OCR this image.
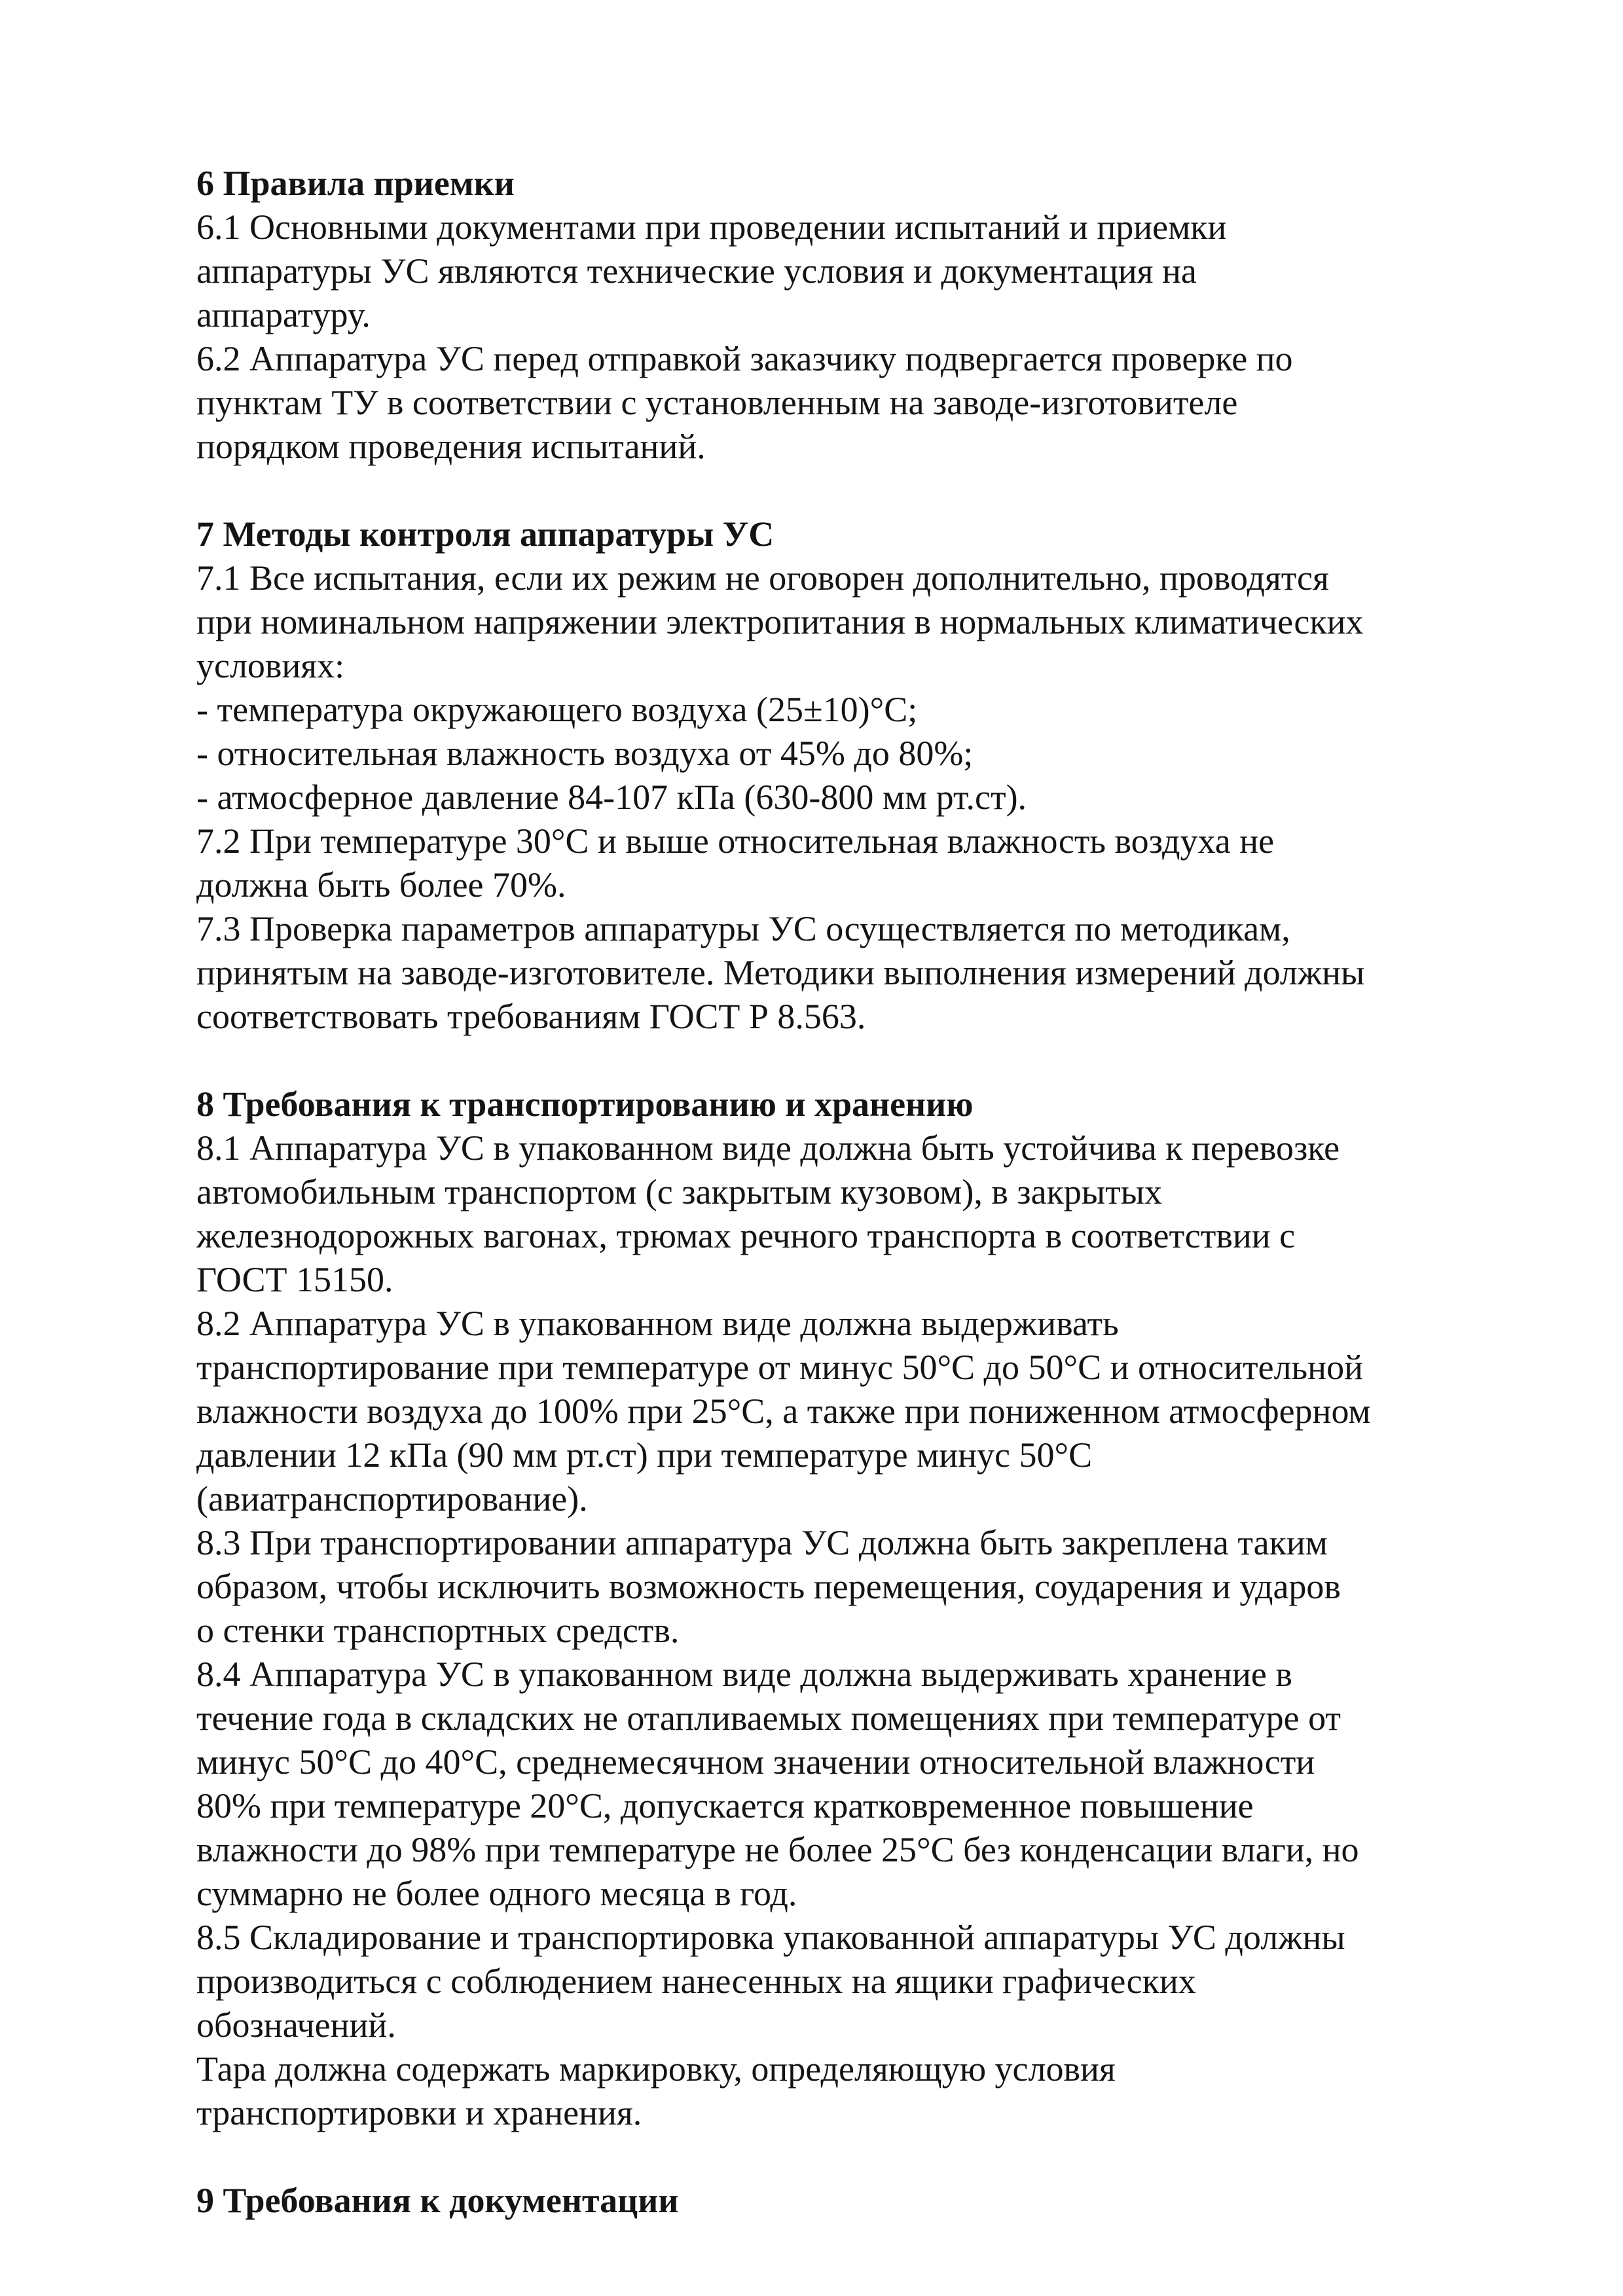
6 Правила приемки

6.1 Основными документами при проведении испытаний и приемки
аппаратуры УС являются технические условия и документация на
аппаратуру.

6.2 Аппаратура УС перед отправкой заказчику подвергается проверке по
пунктам ТУ в соответствии с установленным на заводе-изготовителе
порядком проведения испытаний.

7 Методы контроля аппаратуры УС

7.1 Все испытания, если их режим не оговорен дополнительно, проводятся
при номинальном напряжении электропитания в нормальных климатических
условиях:

- температура окружающего воздуха (25±10)°С;

- относительная влажность воздуха от 45% до 80%;

- атмосферное давление 84-107 кПа (630-800 мм рт.ст).

7.2 При температуре 30°С и выше относительная влажность воздуха не
должна быть более 70%.

7.3 Проверка параметров аппаратуры УС осуществляется по методикам,
принятым на заводе-изготовителе. Методики выполнения измерений должны
соответствовать требованиям ГОСТ Р 8.563.

8 Требования к транспортированию и хранению

8.1 Аппаратура УС в упакованном виде должна быть устойчива к перевозке
автомобильным транспортом (с закрытым кузовом), в закрытых
железнодорожных вагонах, трюмах речного транспорта в соответствии с
ГОСТ 15150.

8.2 Аппаратура УС в упакованном виде должна выдерживать
транспортирование при температуре от минус 50°С до 50°С и относительной
влажности воздуха до 100% при 25°С, а также при пониженном атмосферном
давлении 12 кПа (90 мм рт.ст) при температуре минус 50°С
(авиатранспортирование).

8.3 При транспортировании аппаратура УС должна быть закреплена таким
образом, чтобы исключить возможность перемещения, соударения и ударов
о стенки транспортных средств.

8.4 Аппаратура УС в упакованном виде должна выдерживать хранение в
течение года в складских не отапливаемых помещениях при температуре от
минус 50°С до 40°С, среднемесячном значении относительной влажности
80% при температуре 20°С, допускается кратковременное повышение
влажности до 98% при температуре не более 25°С без конденсации влаги, но
суммарно не более одного месяца в год.

8.5 Складирование и транспортировка упакованной аппаратуры УС должны
производиться с соблюдением нанесенных на ящики графических
обозначений.

Тара должна содержать маркировку, определяющую условия
транспортировки и хранения.

9 Требования к документации
